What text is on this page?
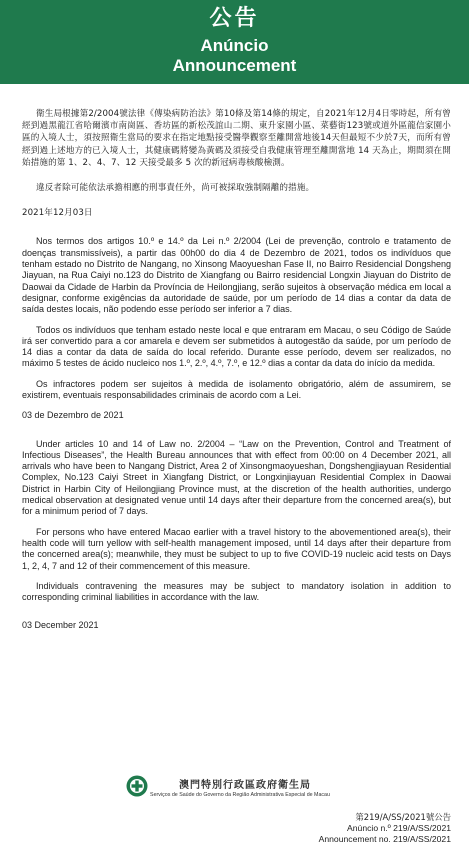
公告
Anúncio
Announcement

衛生局根據第2/2004號法律《傳染病防治法》第10條及第14條的規定，自2021年12月4日零時起，所有曾經到過黑龍江省哈爾濱市南崗區、香坊區的新松茂誼山二期、東升家園小區、菜藝街123號或道外區龍信家園小區的入境人士，須按照衛生當局的要求在指定地點接受醫學觀察至離開當地後14天但最短不少於7天，而所有曾經到過上述地方的已入境人士，其健康碼將變為黃碼及須接受自我健康管理至離開當地 14 天為止，期間須在開始措施的第 1、2、4、7、12 天接受最多 5 次的新冠病毒核酸檢測。

違反者除可能依法承擔相應的刑事責任外，尚可被採取強制隔離的措施。

2021年12月03日

Nos termos dos artigos 10.º e 14.º da Lei n.º 2/2004 (Lei de prevenção, controlo e tratamento de doenças transmissíveis), a partir das 00h00 do dia 4 de Dezembro de 2021, todos os indivíduos que tenham estado no Distrito de Nangang, no Xinsong Maoyueshan Fase II, no Bairro Residencial Dongsheng Jiayuan, na Rua Caiyi no.123 do Distrito de Xiangfang ou Bairro residencial Longxin Jiayuan do Distrito de Daowai da Cidade de Harbin da Província de Heilongjiang, serão sujeitos à observação médica em local a designar, conforme exigências da autoridade de saúde, por um período de 14 dias a contar da data de saída destes locais, não podendo esse período ser inferior a 7 dias.

Todos os indivíduos que tenham estado neste local e que entraram em Macau, o seu Código de Saúde irá ser convertido para a cor amarela e devem ser submetidos à autogestão da saúde, por um período de 14 dias a contar da data de saída do local referido. Durante esse período, devem ser realizados, no máximo 5 testes de ácido nucleico nos 1.º, 2.º, 4.º, 7.º, e 12.º dias a contar da data do início da medida.

Os infractores podem ser sujeitos à medida de isolamento obrigatório, além de assumirem, se existirem, eventuais responsabilidades criminais de acordo com a Lei.

03 de Dezembro de 2021

Under articles 10 and 14 of Law no. 2/2004 – “Law on the Prevention, Control and Treatment of Infectious Diseases”, the Health Bureau announces that with effect from 00:00 on 4 December 2021, all arrivals who have been to Nangang District, Area 2 of Xinsongmaoyueshan, Dongshengjiayuan Residential Complex, No.123 Caiyi Street in Xiangfang District, or Longxinjiayuan Residential Complex in Daowai District in Harbin City of Heilongjiang Province must, at the discretion of the health authorities, undergo medical observation at designated venue until 14 days after their departure from the concerned area(s), but for a minimum period of 7 days.

For persons who have entered Macao earlier with a travel history to the abovementioned area(s), their health code will turn yellow with self-health management imposed, until 14 days after their departure from the concerned area(s); meanwhile, they must be subject to up to five COVID-19 nucleic acid tests on Days 1, 2, 4, 7 and 12 of their commencement of this measure.

Individuals contravening the measures may be subject to mandatory isolation in addition to corresponding criminal liabilities in accordance with the law.

03 December 2021

澳門特別行政區政府衛生局
Serviços de Saúde do Governo da Região Administrativa Especial de Macau
第219/A/SS/2021號公告
Anúncio n.º 219/A/SS/2021
Announcement no. 219/A/SS/2021
